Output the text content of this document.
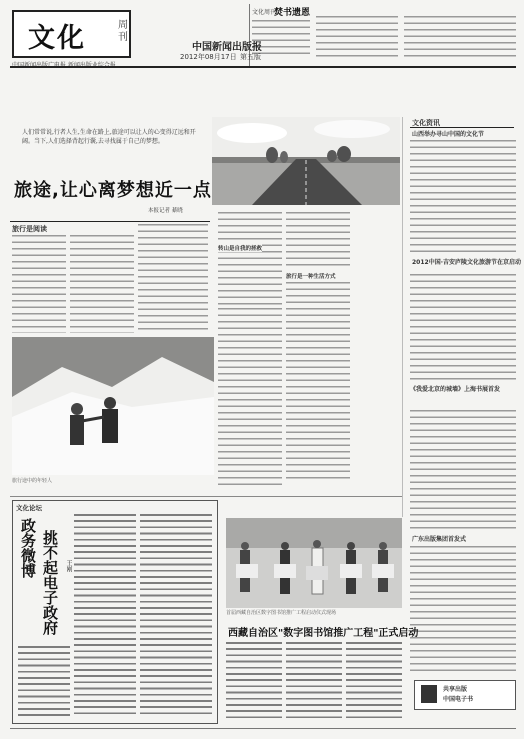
文化	周刊
文化周刊
焚书遗恩
中国新闻出版报
2012年08月17日 第五版
人们常常说,行者人生,生命在路上,旅途可以让人的心变得辽远和开阔。当下,人们选择背起行囊,去寻找属于自己的梦想。
旅途,让心离梦想近一点
本报记者 綦晓
旅行是阅读
旅行途中的年轻人
转山是自我的拯救
旅行是一种生活方式
文化资讯
山西举办寻山中国的文化节
2012中国·吉安庐陵文化旅游节在京启动
《我爱北京的城墙》上海书展首发
广东出版集团首发式
共享出版
中国电子书
文化论坛
政务微博 挑不起电子政府	王刚
首届西藏自治区数字图书馆推广工程启动仪式现场
西藏自治区"数字图书馆推广工程"正式启动
